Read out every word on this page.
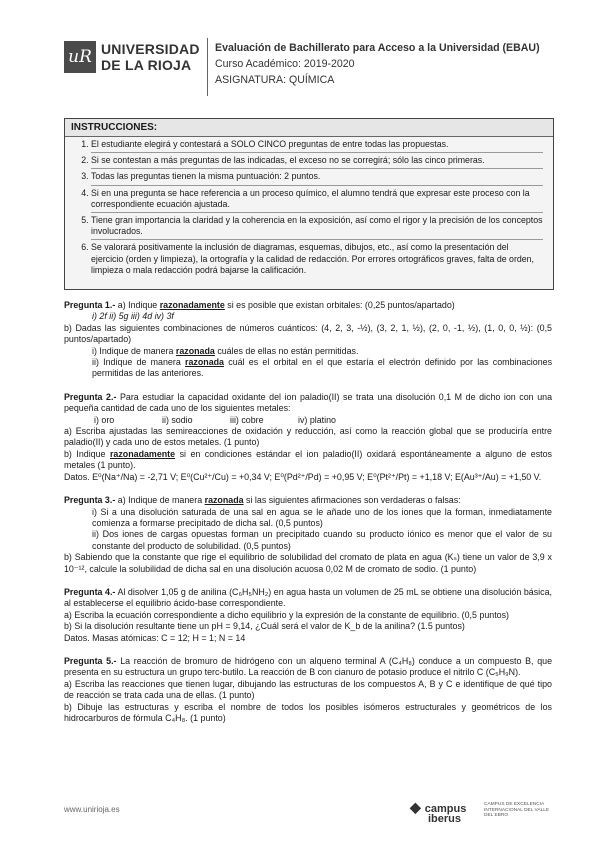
uR UNIVERSIDAD
DE LA RIOJA
Evaluación de Bachillerato para Acceso a la Universidad (EBAU)
Curso Académico: 2019-2020
ASIGNATURA: QUÍMICA
INSTRUCCIONES:
1. El estudiante elegirá y contestará a SOLO CINCO preguntas de entre todas las propuestas.
2. Si se contestan a más preguntas de las indicadas, el exceso no se corregirá; sólo las cinco primeras.
3. Todas las preguntas tienen la misma puntuación: 2 puntos.
4. Si en una pregunta se hace referencia a un proceso químico, el alumno tendrá que expresar este proceso con la correspondiente ecuación ajustada.
5. Tiene gran importancia la claridad y la coherencia en la exposición, así como el rigor y la precisión de los conceptos involucrados.
6. Se valorará positivamente la inclusión de diagramas, esquemas, dibujos, etc., así como la presentación del ejercicio (orden y limpieza), la ortografía y la calidad de redacción. Por errores ortográficos graves, falta de orden, limpieza o mala redacción podrá bajarse la calificación.

Pregunta 1.- a) Indique razonadamente si es posible que existan orbitales: (0,25 puntos/apartado)

i) 2f ii) 5g iii) 4d iv) 3f

b) Dadas las siguientes combinaciones de números cuánticos: (4, 2, 3, -½), (3, 2, 1, ½), (2, 0, -1, ½), (1, 0, 0, ½): (0,5 puntos/apartado)

i) Indique de manera razonada cuáles de ellas no están permitidas.

ii) Indique de manera razonada cuál es el orbital en el que estaría el electrón definido por las combinaciones permitidas de las anteriores.

Pregunta 2.- Para estudiar la capacidad oxidante del ion paladio(II) se trata una disolución 0,1 M de dicho ion con una pequeña cantidad de cada uno de los siguientes metales:

i) oro	ii) sodio	iii) cobre	iv) platino

a) Escriba ajustadas las semireacciones de oxidación y reducción, así como la reacción global que se produciría entre paladio(II) y cada uno de estos metales. (1 punto)

b) Indique razonadamente si en condiciones estándar el ion paladio(II) oxidará espontáneamente a alguno de estos metales (1 punto).

Datos. E⁰(Na⁺/Na) = -2,71 V; E⁰(Cu²⁺/Cu) = +0,34 V; E⁰(Pd²⁺/Pd) = +0,95 V; E⁰(Pt²⁺/Pt) = +1,18 V; E(Au³⁺/Au) = +1,50 V.

Pregunta 3.- a) Indique de manera razonada si las siguientes afirmaciones son verdaderas o falsas:

i) Si a una disolución saturada de una sal en agua se le añade uno de los iones que la forman, inmediatamente comienza a formarse precipitado de dicha sal. (0,5 puntos)

ii) Dos iones de cargas opuestas forman un precipitado cuando su producto iónico es menor que el valor de su constante del producto de solubilidad. (0,5 puntos)

b) Sabiendo que la constante que rige el equilibrio de solubilidad del cromato de plata en agua (Kₛ) tiene un valor de 3,9 x 10⁻¹², calcule la solubilidad de dicha sal en una disolución acuosa 0,02 M de cromato de sodio. (1 punto)

Pregunta 4.- Al disolver 1,05 g de anilina (C₆H₅NH₂) en agua hasta un volumen de 25 mL se obtiene una disolución básica, al establecerse el equilibrio ácido-base correspondiente.

a) Escriba la ecuación correspondiente a dicho equilibrio y la expresión de la constante de equilibrio. (0,5 puntos)

b) Si la disolución resultante tiene un pH = 9,14, ¿Cuál será el valor de K_b de la anilina? (1.5 puntos)

Datos. Masas atómicas: C = 12; H = 1; N = 14

Pregunta 5.- La reacción de bromuro de hidrógeno con un alqueno terminal A (C₄H₈) conduce a un compuesto B, que presenta en su estructura un grupo terc-butilo. La reacción de B con cianuro de potasio produce el nitrilo C (C₅H₉N).

a) Escriba las reacciones que tienen lugar, dibujando las estructuras de los compuestos A, B y C e identifique de qué tipo de reacción se trata cada una de ellas. (1 punto)

b) Dibuje las estructuras y escriba el nombre de todos los posibles isómeros estructurales y geométricos de los hidrocarburos de fórmula C₄H₈. (1 punto)

www.unirioja.es	◆ campus
iberus
CAMPUS DE EXCELENCIA INTERNACIONAL DEL VALLE DEL EBRO
